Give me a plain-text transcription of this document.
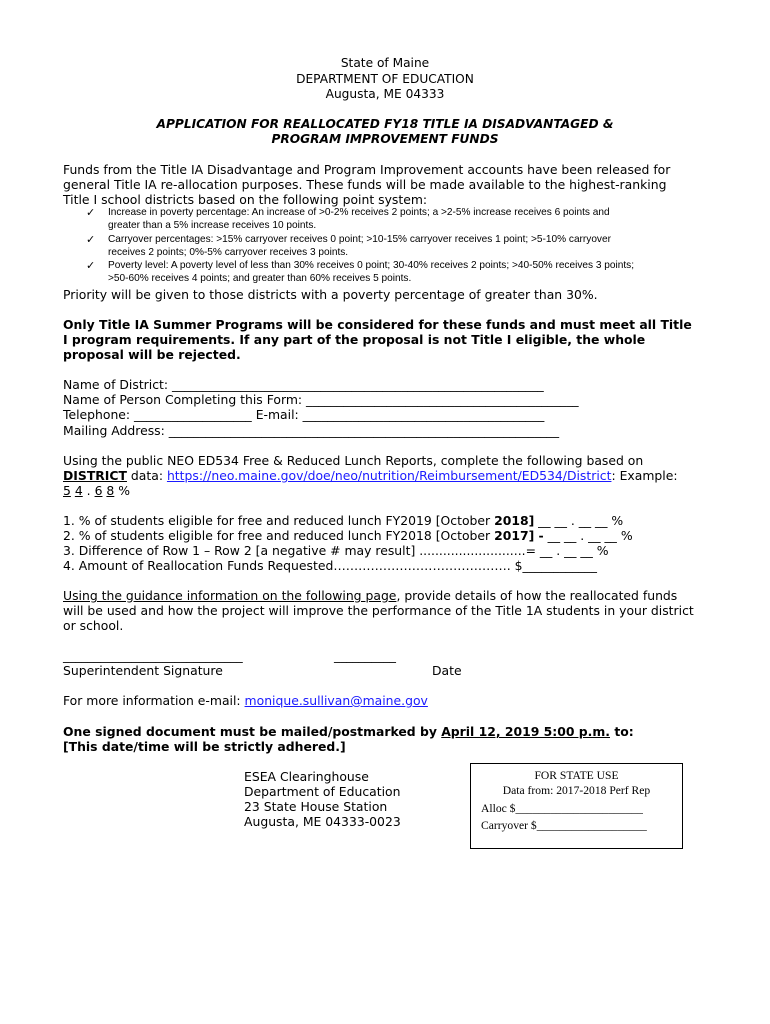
State of Maine
DEPARTMENT OF EDUCATION
Augusta, ME 04333
APPLICATION FOR REALLOCATED FY18 TITLE IA DISADVANTAGED &
PROGRAM IMPROVEMENT FUNDS
Funds from the Title IA Disadvantage and Program Improvement accounts have been released for
general Title IA re-allocation purposes. These funds will be made available to the highest-ranking
Title I school districts based on the following point system:
✓ Increase in poverty percentage: An increase of >0-2% receives 2 points; a >2-5% increase receives 6 points and
greater than a 5% increase receives 10 points.
✓ Carryover percentages: >15% carryover receives 0 point; >10-15% carryover receives 1 point; >5-10% carryover
receives 2 points; 0%-5% carryover receives 3 points.
✓ Poverty level: A poverty level of less than 30% receives 0 point; 30-40% receives 2 points; >40-50% receives 3 points;
>50-60% receives 4 points; and greater than 60% receives 5 points.
Priority will be given to those districts with a poverty percentage of greater than 30%.
Only Title IA Summer Programs will be considered for these funds and must meet all Title
I program requirements. If any part of the proposal is not Title I eligible, the whole
proposal will be rejected.
Name of District: ____________________________________________________________
Name of Person Completing this Form: ____________________________________________
Telephone: ___________________ E-mail: _______________________________________
Mailing Address: _______________________________________________________________
Using the public NEO ED534 Free & Reduced Lunch Reports, complete the following based on
DISTRICT data: https://neo.maine.gov/doe/neo/nutrition/Reimbursement/ED534/District: Example:
5 4 . 6 8 %
1. % of students eligible for free and reduced lunch FY2019 [October 2018] __ __ . __ __ %
2. % of students eligible for free and reduced lunch FY2018 [October 2017] - __ __ . __ __ %
3. Difference of Row 1 – Row 2 [a negative # may result] ...........................= __ . __ __ %
4. Amount of Reallocation Funds Requested……………………………………. $____________
Using the guidance information on the following page, provide details of how the reallocated funds
will be used and how the project will improve the performance of the Title 1A students in your district
or school.
_____________________________	__________
Superintendent Signature	Date
For more information e-mail: monique.sullivan@maine.gov
One signed document must be mailed/postmarked by April 12, 2019 5:00 p.m. to:
[This date/time will be strictly adhered.]
ESEA Clearinghouse
Department of Education
23 State House Station
Augusta, ME 04333-0023
FOR STATE USE
Data from: 2017-2018 Perf Rep
Alloc $______________________
Carryover $___________________
